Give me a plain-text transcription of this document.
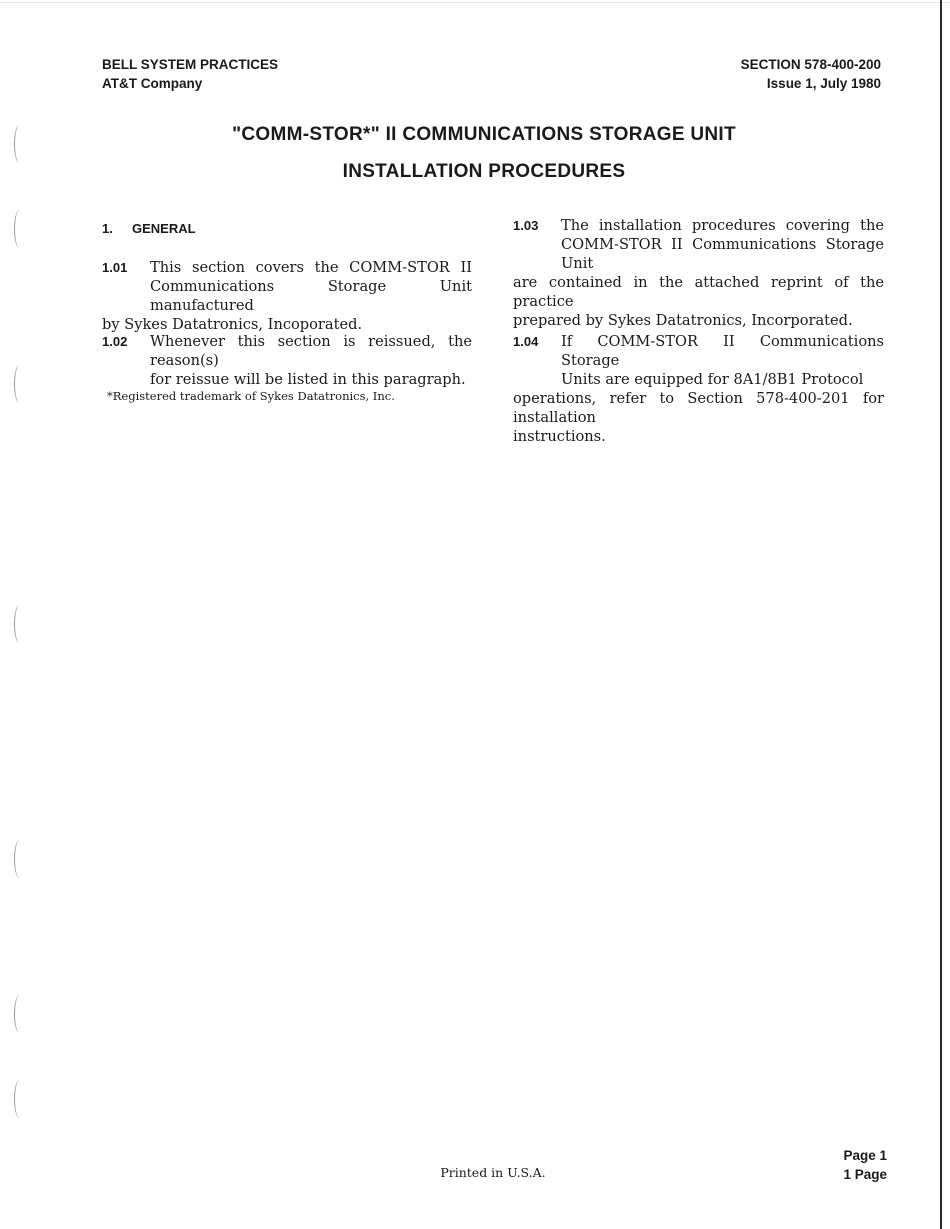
BELL SYSTEM PRACTICES
AT&T Company
SECTION 578-400-200
Issue 1, July 1980
"COMM-STOR*" II COMMUNICATIONS STORAGE UNIT
INSTALLATION PROCEDURES
1. GENERAL
1.01	This section covers the COMM-STOR II
Communications Storage Unit manufactured
by Sykes Datatronics, Incoporated.
1.02	Whenever this section is reissued, the reason(s)
for reissue will be listed in this paragraph.
*Registered trademark of Sykes Datatronics, Inc.
1.03	The installation procedures covering the
COMM-STOR II Communications Storage Unit
are contained in the attached reprint of the practice
prepared by Sykes Datatronics, Incorporated.
1.04	If COMM-STOR II Communications Storage
Units are equipped for 8A1/8B1 Protocol
operations, refer to Section 578-400-201 for installation
instructions.
Printed in U.S.A.
Page 1
1 Page
